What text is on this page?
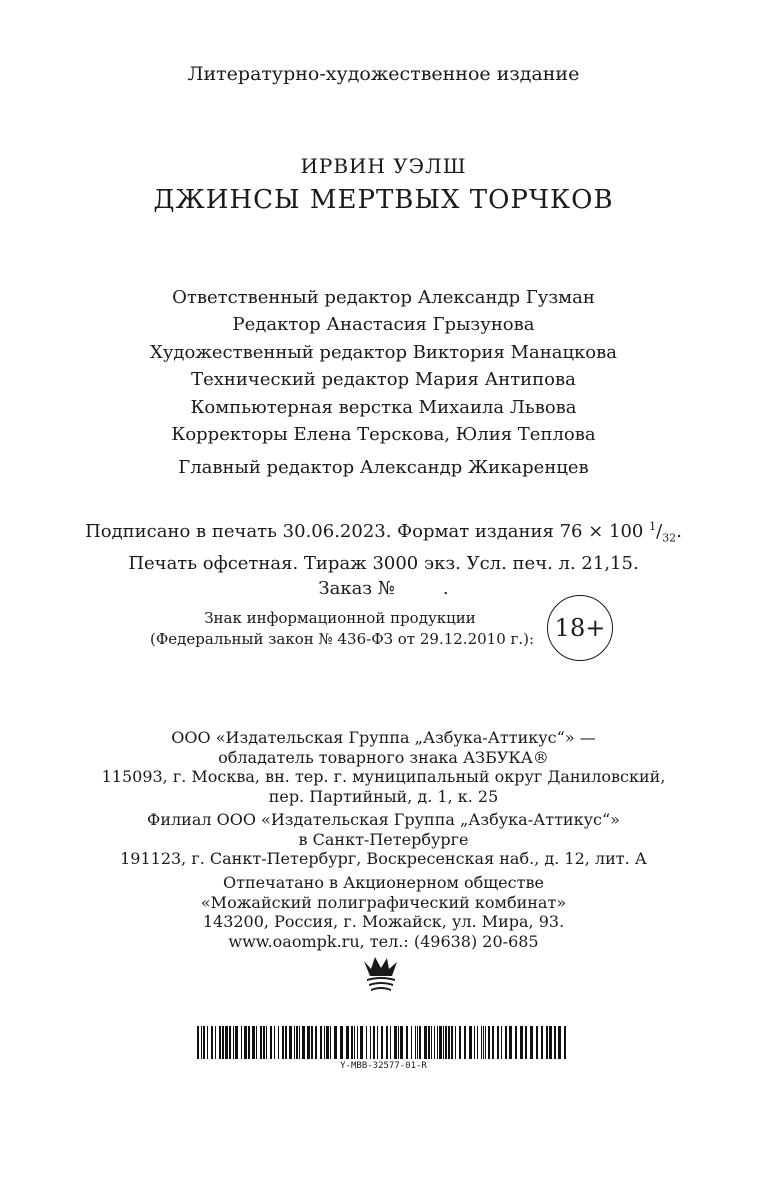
Литературно-художественное издание
ИРВИН УЭЛШ
ДЖИНСЫ МЕРТВЫХ ТОРЧКОВ
Ответственный редактор Александр Гузман
Редактор Анастасия Грызунова
Художественный редактор Виктория Манацкова
Технический редактор Мария Антипова
Компьютерная верстка Михаила Львова
Корректоры Елена Терскова, Юлия Теплова
Главный редактор Александр Жикаренцев
Подписано в печать 30.06.2023. Формат издания 76 × 100 $^1/_{32}$.
Печать офсетная. Тираж 3000 экз. Усл. печ. л. 21,15.
Заказ №	.
Знак информационной продукции
(Федеральный закон № 436-ФЗ от 29.12.2010 г.): 18+
ООО «Издательская Группа „Азбука-Аттикус“» —
обладатель товарного знака АЗБУКА®
115093, г. Москва, вн. тер. г. муниципальный округ Даниловский,
пер. Партийный, д. 1, к. 25
Филиал ООО «Издательская Группа „Азбука-Аттикус“»
в Санкт-Петербурге
191123, г. Санкт-Петербург, Воскресенская наб., д. 12, лит. А
Отпечатано в Акционерном обществе
«Можайский полиграфический комбинат»
143200, Россия, г. Можайск, ул. Мира, 93.
www.oaompk.ru, тел.: (49638) 20-685
Y-MBB-32577-01-R
